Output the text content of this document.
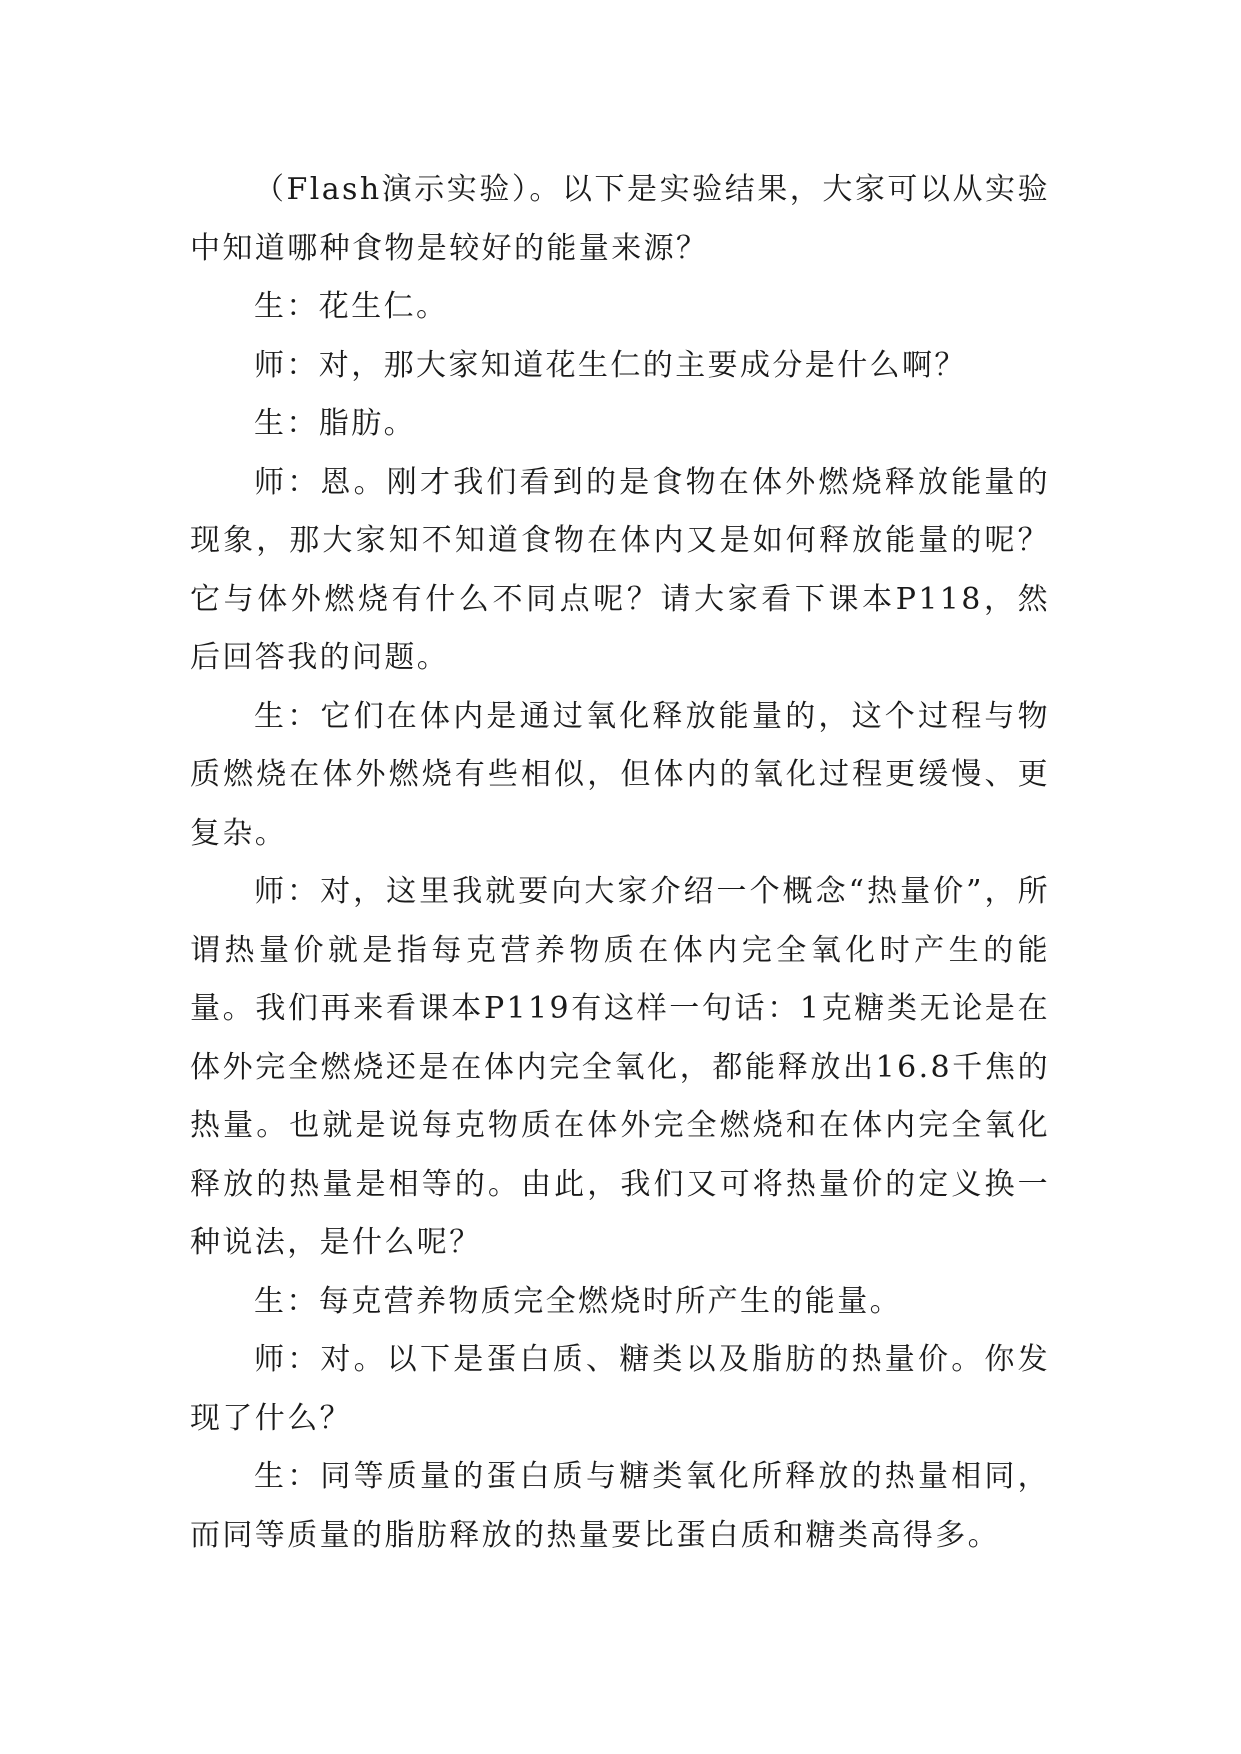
（Flash演示实验）。以下是实验结果，大家可以从实验中知道哪种食物是较好的能量来源？

生：花生仁。

师：对，那大家知道花生仁的主要成分是什么啊？

生：脂肪。

师：恩。刚才我们看到的是食物在体外燃烧释放能量的现象，那大家知不知道食物在体内又是如何释放能量的呢？它与体外燃烧有什么不同点呢？请大家看下课本P118，然后回答我的问题。

生：它们在体内是通过氧化释放能量的，这个过程与物质燃烧在体外燃烧有些相似，但体内的氧化过程更缓慢、更复杂。

师：对，这里我就要向大家介绍一个概念“热量价”，所谓热量价就是指每克营养物质在体内完全氧化时产生的能量。我们再来看课本P119有这样一句话：1克糖类无论是在体外完全燃烧还是在体内完全氧化，都能释放出16.8千焦的热量。也就是说每克物质在体外完全燃烧和在体内完全氧化释放的热量是相等的。由此，我们又可将热量价的定义换一种说法，是什么呢？

生：每克营养物质完全燃烧时所产生的能量。

师：对。以下是蛋白质、糖类以及脂肪的热量价。你发现了什么？

生：同等质量的蛋白质与糖类氧化所释放的热量相同，而同等质量的脂肪释放的热量要比蛋白质和糖类高得多。
